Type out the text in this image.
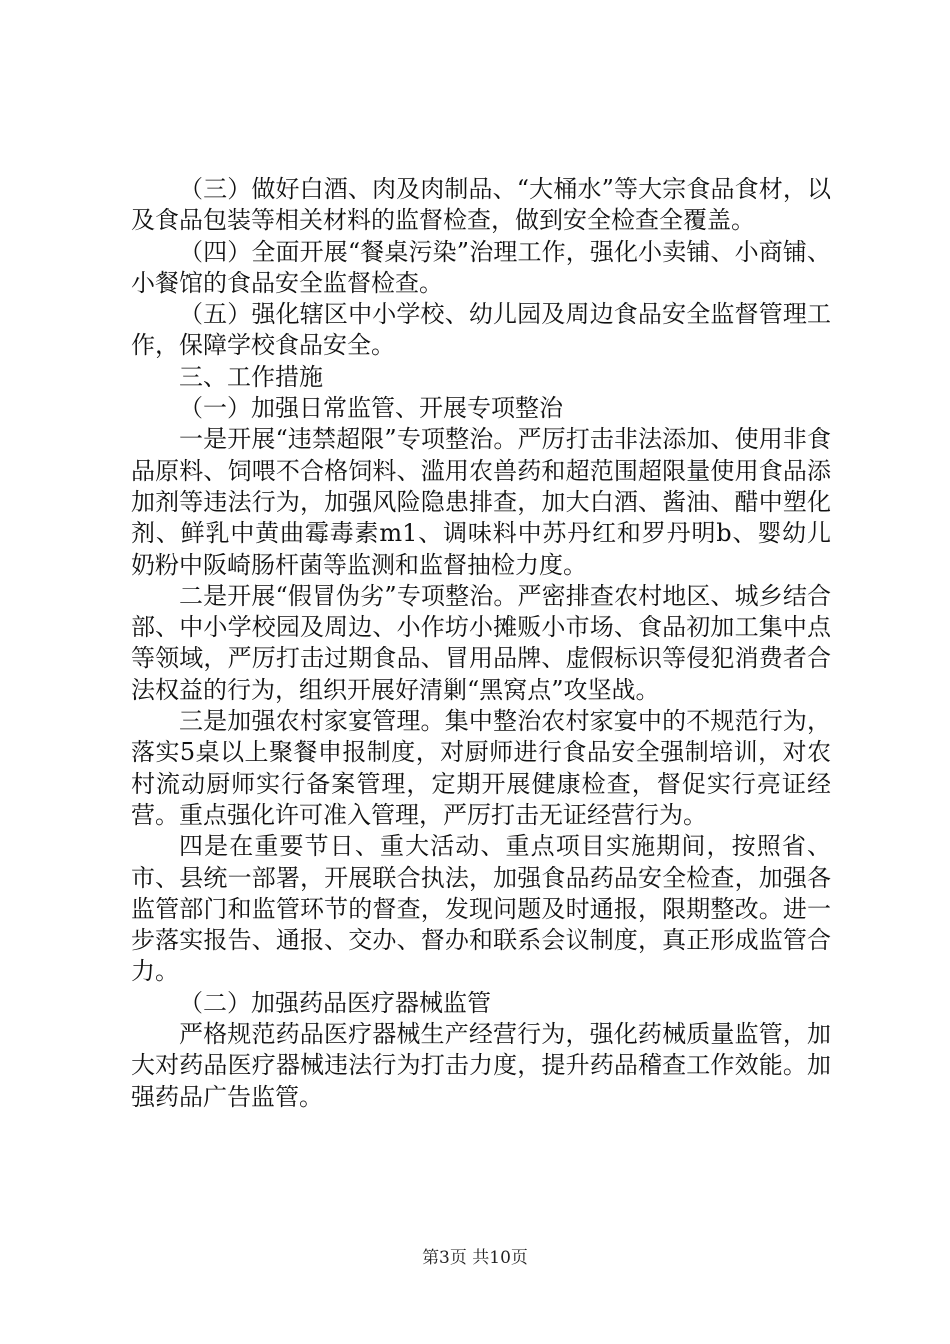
（三）做好白酒、肉及肉制品、“大桶水”等大宗食品食材，以及食品包装等相关材料的监督检查，做到安全检查全覆盖。

（四）全面开展“餐桌污染”治理工作，强化小卖铺、小商铺、小餐馆的食品安全监督检查。

（五）强化辖区中小学校、幼儿园及周边食品安全监督管理工作，保障学校食品安全。

三、工作措施

（一）加强日常监管、开展专项整治

一是开展“违禁超限”专项整治。严厉打击非法添加、使用非食品原料、饲喂不合格饲料、滥用农兽药和超范围超限量使用食品添加剂等违法行为，加强风险隐患排查，加大白酒、酱油、醋中塑化剂、鲜乳中黄曲霉毒素m1、调味料中苏丹红和罗丹明b、婴幼儿奶粉中阪崎肠杆菌等监测和监督抽检力度。

二是开展“假冒伪劣”专项整治。严密排查农村地区、城乡结合部、中小学校园及周边、小作坊小摊贩小市场、食品初加工集中点等领域，严厉打击过期食品、冒用品牌、虚假标识等侵犯消费者合法权益的行为，组织开展好清剿“黑窝点”攻坚战。

三是加强农村家宴管理。集中整治农村家宴中的不规范行为，落实5桌以上聚餐申报制度，对厨师进行食品安全强制培训，对农村流动厨师实行备案管理，定期开展健康检查，督促实行亮证经营。重点强化许可准入管理，严厉打击无证经营行为。

四是在重要节日、重大活动、重点项目实施期间，按照省、市、县统一部署，开展联合执法，加强食品药品安全检查，加强各监管部门和监管环节的督查，发现问题及时通报，限期整改。进一步落实报告、通报、交办、督办和联系会议制度，真正形成监管合力。

（二）加强药品医疗器械监管

严格规范药品医疗器械生产经营行为，强化药械质量监管，加大对药品医疗器械违法行为打击力度，提升药品稽查工作效能。加强药品广告监管。

第3页 共10页
